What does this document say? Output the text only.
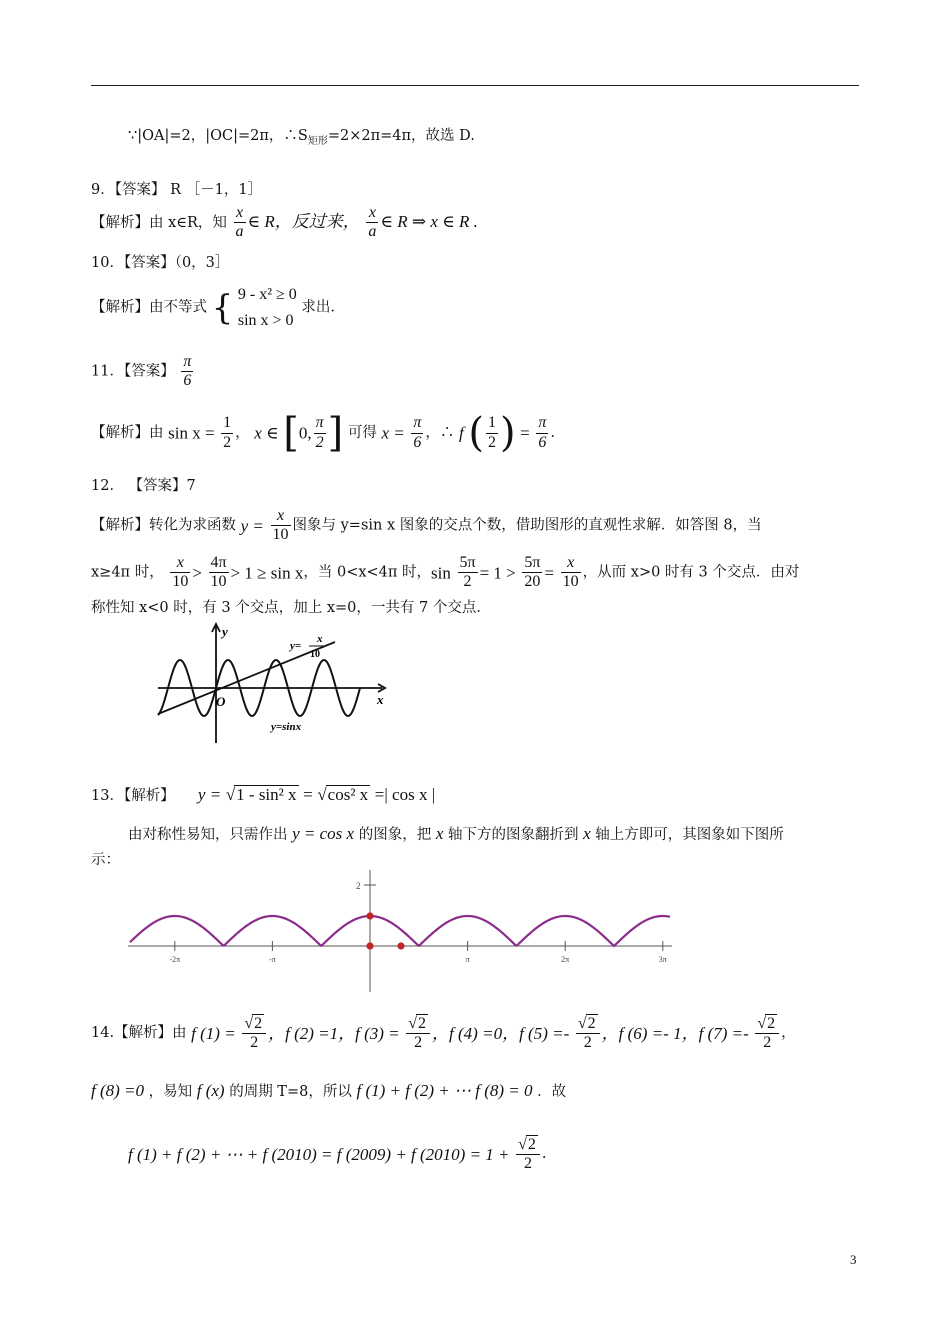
∵|OA|=2，|OC|=2π，$\therefore S_{矩形}=2\times 2\pi=4\pi$，故选 D.
9．【答案】 R ［－1，1］
【解析】由 x∈R，知 $\frac{x}{a}$ ∈ R，反过来， $\frac{x}{a}$ ∈ R ⇒ x ∈ R .
10．【答案】（0，3］
【解析】由不等式 { 9 - x² ≥ 0
sin x > 0
求出.
11．【答案】 $\frac{\pi}{6}$
【解析】由 $\sin x = \frac{1}{2}$ ， x ∈ [0, $\frac{\pi}{2}$ ] 可得 $x = \frac{\pi}{6}$ ，∴ f ( $\frac{1}{2}$ ) = $\frac{\pi}{6}$ .
12． 【答案】7
【解析】转化为求函数 $y = \frac{x}{10}$ 图象与 y=sin x 图象的交点个数，借助图形的直观性求解．如答图 8，当
x≥4π 时， $\frac{x}{10} > \frac{4\pi}{10} > 1 \ge \sin x$，当 0<x<4π 时，$\sin \frac{5\pi}{2} = 1 > \frac{5\pi}{20} = \frac{x}{10}$ ，从而 x>0 时有 3 个交点．由对
称性知 x<0 时，有 3 个交点，加上 x=0，一共有 7 个交点．
y
x
O
y=
x
10
y=sinx
13．【解析】 y = √1 - sin² x = √cos² x =| cos x |
由对称性易知，只需作出 y = cos x 的图象，把 x 轴下方的图象翻折到 x 轴上方即可，其图象如下图所
示：
-2π	-π	π	2π	3π
2
14.【解析】由 f $(1) = \frac{√2}{2}$ ，f (2) =1，f $(3) = \frac{√2}{2}$ ，f (4) =0，f $(5) =- \frac{√2}{2}$ ，f (6) =- 1，f $(7) =- \frac{√2}{2}$ ，
f (8) =0 ，易知 f (x) 的周期 T=8，所以 f (1) + f (2) + ⋯ f (8) = 0 ．故
f (1) + f (2) + ⋯ + f (2010) = f (2009) + f $(2010) = 1 + \frac{√2}{2}$ .
3
